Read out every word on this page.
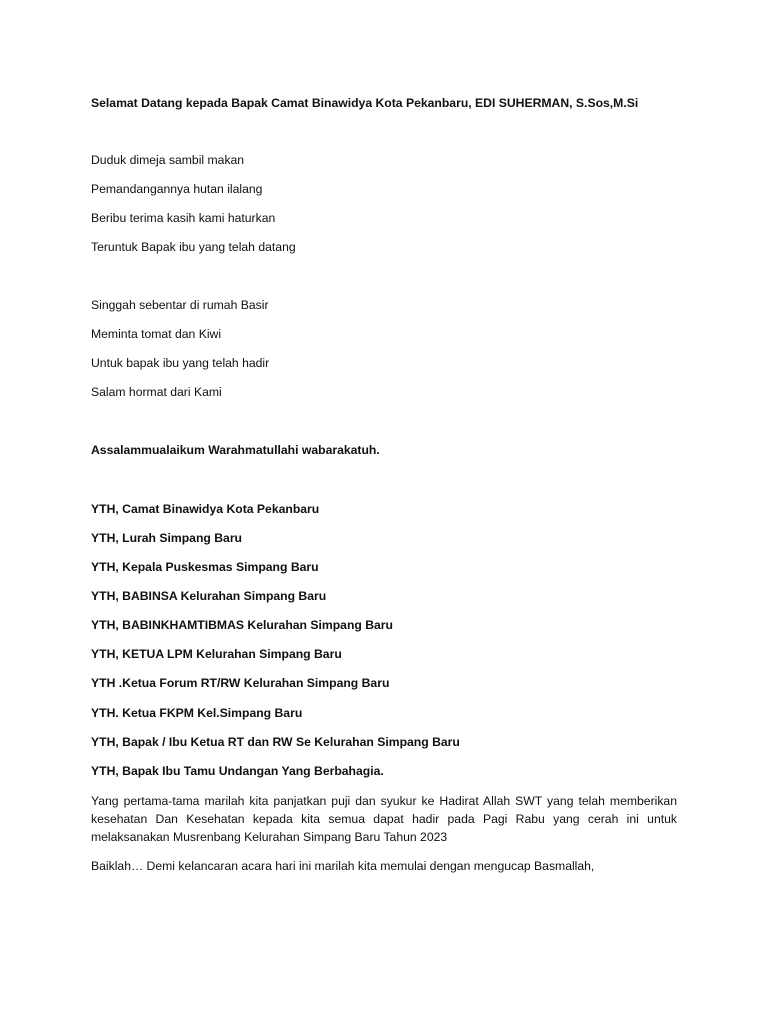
Selamat Datang kepada Bapak Camat Binawidya Kota Pekanbaru, EDI SUHERMAN, S.Sos,M.Si

Duduk dimeja sambil makan

Pemandangannya hutan ilalang

Beribu terima kasih kami haturkan

Teruntuk Bapak ibu yang telah datang

Singgah sebentar di rumah Basir

Meminta tomat dan Kiwi

Untuk bapak ibu yang telah hadir

Salam hormat dari Kami

Assalammualaikum Warahmatullahi wabarakatuh.

YTH, Camat Binawidya Kota Pekanbaru

YTH, Lurah Simpang Baru

YTH, Kepala Puskesmas Simpang Baru

YTH, BABINSA Kelurahan Simpang Baru

YTH, BABINKHAMTIBMAS Kelurahan Simpang Baru

YTH, KETUA LPM Kelurahan Simpang Baru

YTH .Ketua Forum RT/RW Kelurahan Simpang Baru

YTH. Ketua FKPM Kel.Simpang Baru

YTH, Bapak / Ibu Ketua RT dan RW Se Kelurahan Simpang Baru

YTH, Bapak Ibu Tamu Undangan Yang Berbahagia.

Yang pertama-tama marilah kita panjatkan puji dan syukur ke Hadirat Allah SWT yang telah memberikan kesehatan Dan Kesehatan kepada kita semua dapat hadir pada Pagi Rabu yang cerah ini untuk melaksanakan Musrenbang Kelurahan Simpang Baru Tahun 2023

Baiklah… Demi kelancaran acara hari ini marilah kita memulai dengan mengucap Basmallah,
